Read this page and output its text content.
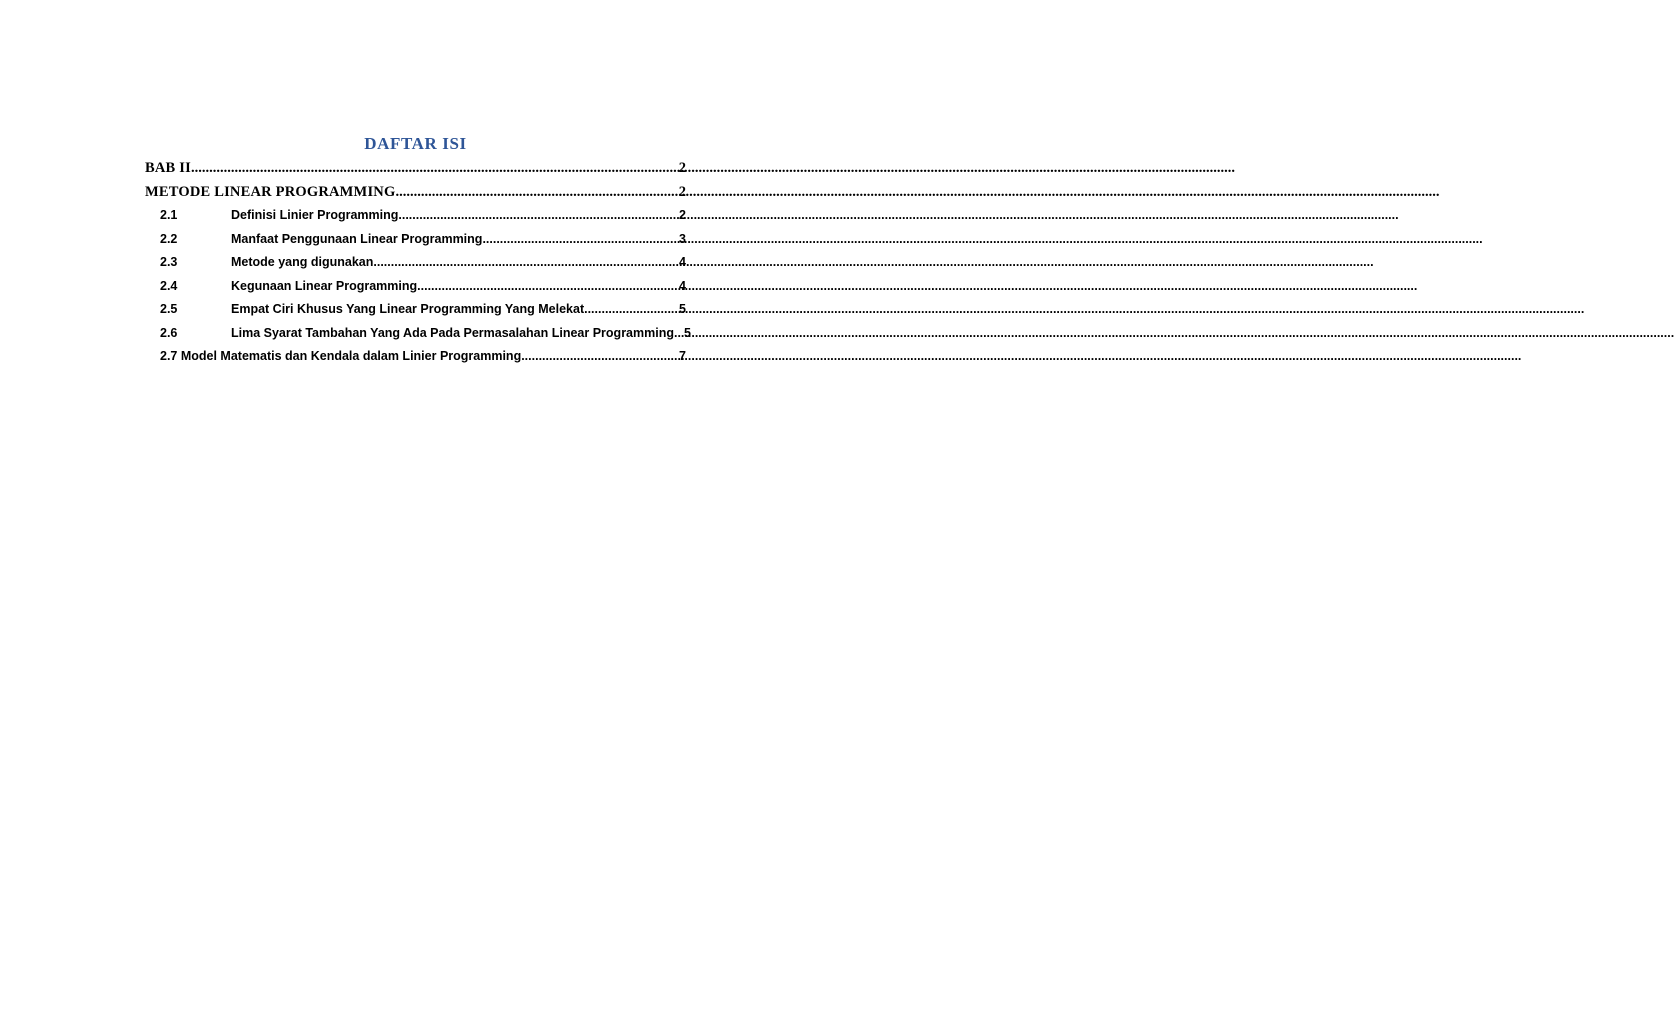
DAFTAR ISI
BAB II .....	2
METODE LINEAR PROGRAMMING .....	2
2.1	Definisi Linier Programming .....	2
2.2	Manfaat Penggunaan Linear Programming .....	3
2.3	Metode yang digunakan .....	4
2.4	Kegunaan Linear Programming .....	4
2.5	Empat Ciri Khusus Yang Linear Programming Yang Melekat .....	5
2.6	Lima Syarat Tambahan Yang Ada Pada Permasalahan Linear Programming ..... 5
2.7 Model Matematis dan Kendala dalam Linier Programming .....	7
